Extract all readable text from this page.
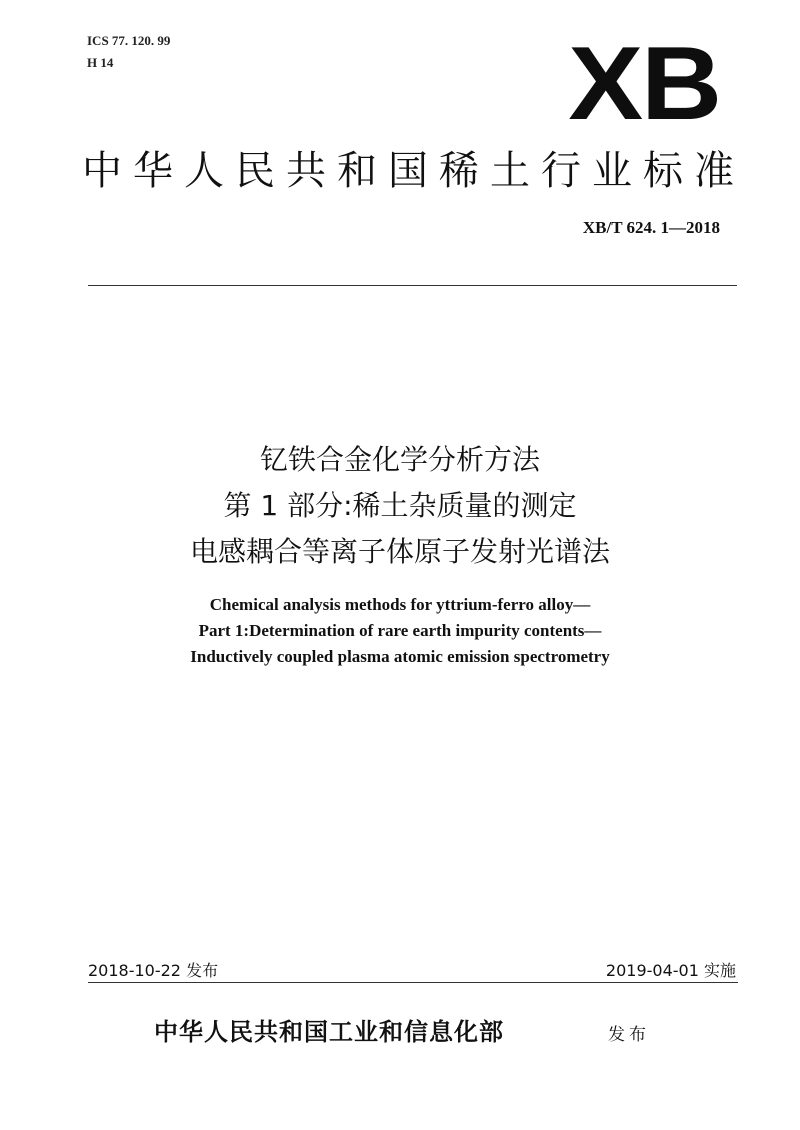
ICS 77. 120. 99
H 14	XB
中华人民共和国稀土行业标准
XB/T 624. 1—2018
钇铁合金化学分析方法
第 1 部分:稀土杂质量的测定
电感耦合等离子体原子发射光谱法
Chemical analysis methods for yttrium-ferro alloy—
Part 1:Determination of rare earth impurity contents—
Inductively coupled plasma atomic emission spectrometry
2018-10-22 发布	2019-04-01 实施
中华人民共和国工业和信息化部	发布
